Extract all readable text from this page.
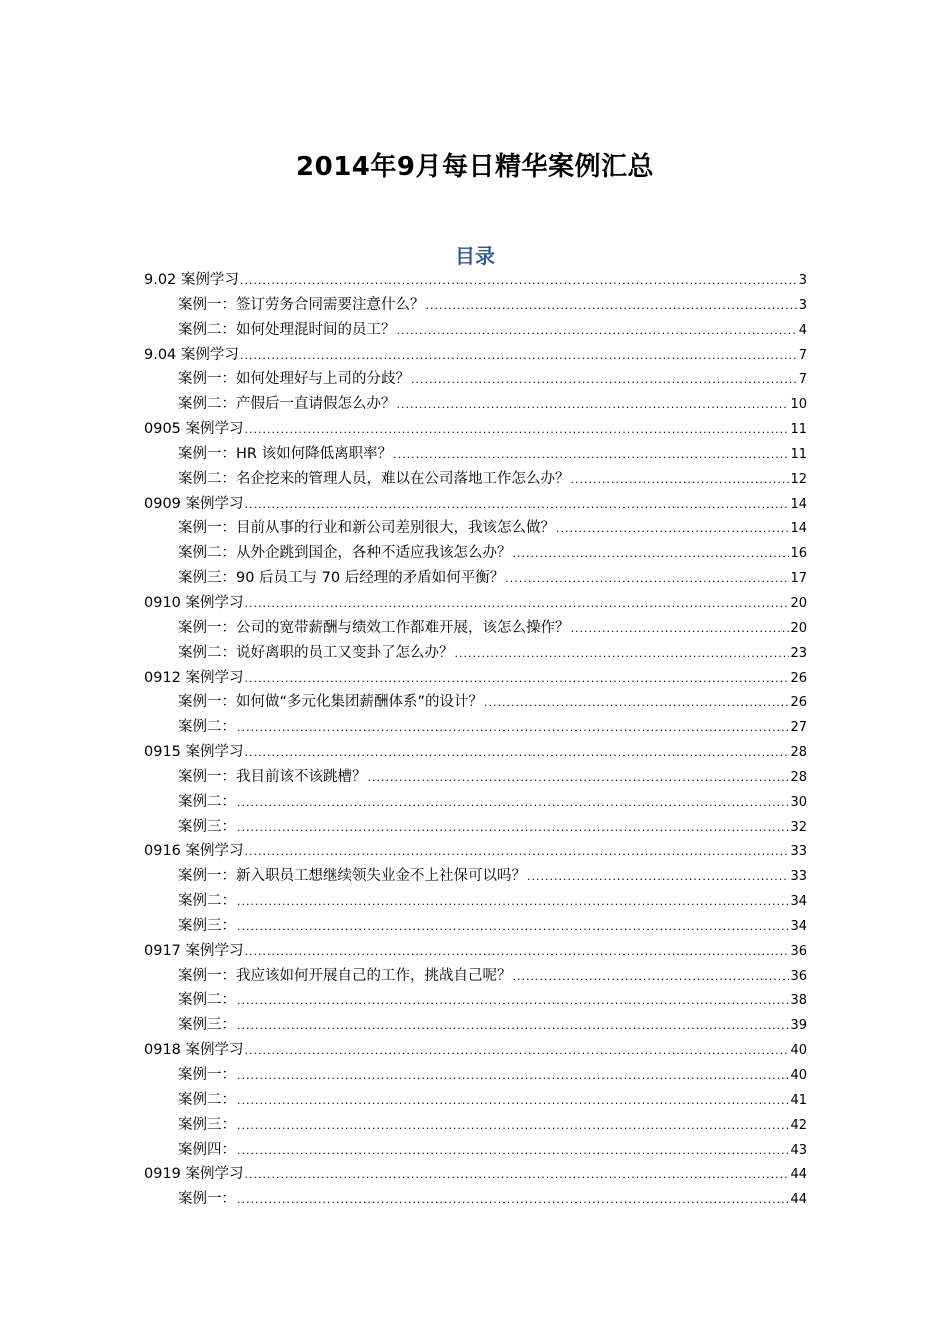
2014年9月每日精华案例汇总
目录
9.02 案例学习 .....	3
案例一：签订劳务合同需要注意什么？ .....	3
案例二：如何处理混时间的员工？ .....	4
9.04 案例学习 .....	7
案例一：如何处理好与上司的分歧？ .....	7
案例二：产假后一直请假怎么办？ .....	10
0905 案例学习 .....	11
案例一：HR 该如何降低离职率？ .....	11
案例二：名企挖来的管理人员，难以在公司落地工作怎么办？ .....	12
0909 案例学习 .....	14
案例一：目前从事的行业和新公司差别很大，我该怎么做？ .....	14
案例二：从外企跳到国企，各种不适应我该怎么办？ .....	16
案例三：90 后员工与 70 后经理的矛盾如何平衡？ .....	17
0910 案例学习 .....	20
案例一：公司的宽带薪酬与绩效工作都难开展，该怎么操作？ .....	20
案例二：说好离职的员工又变卦了怎么办？ .....	23
0912 案例学习 .....	26
案例一：如何做“多元化集团薪酬体系”的设计？ .....	26
案例二： .....	27
0915 案例学习 .....	28
案例一：我目前该不该跳槽？ .....	28
案例二： .....	30
案例三： .....	32
0916 案例学习 .....	33
案例一：新入职员工想继续领失业金不上社保可以吗？ .....	33
案例二： .....	34
案例三： .....	34
0917 案例学习 .....	36
案例一：我应该如何开展自己的工作，挑战自己呢？ .....	36
案例二： .....	38
案例三： .....	39
0918 案例学习 .....	40
案例一： .....	40
案例二： .....	41
案例三： .....	42
案例四： .....	43
0919 案例学习 .....	44
案例一： .....	44
